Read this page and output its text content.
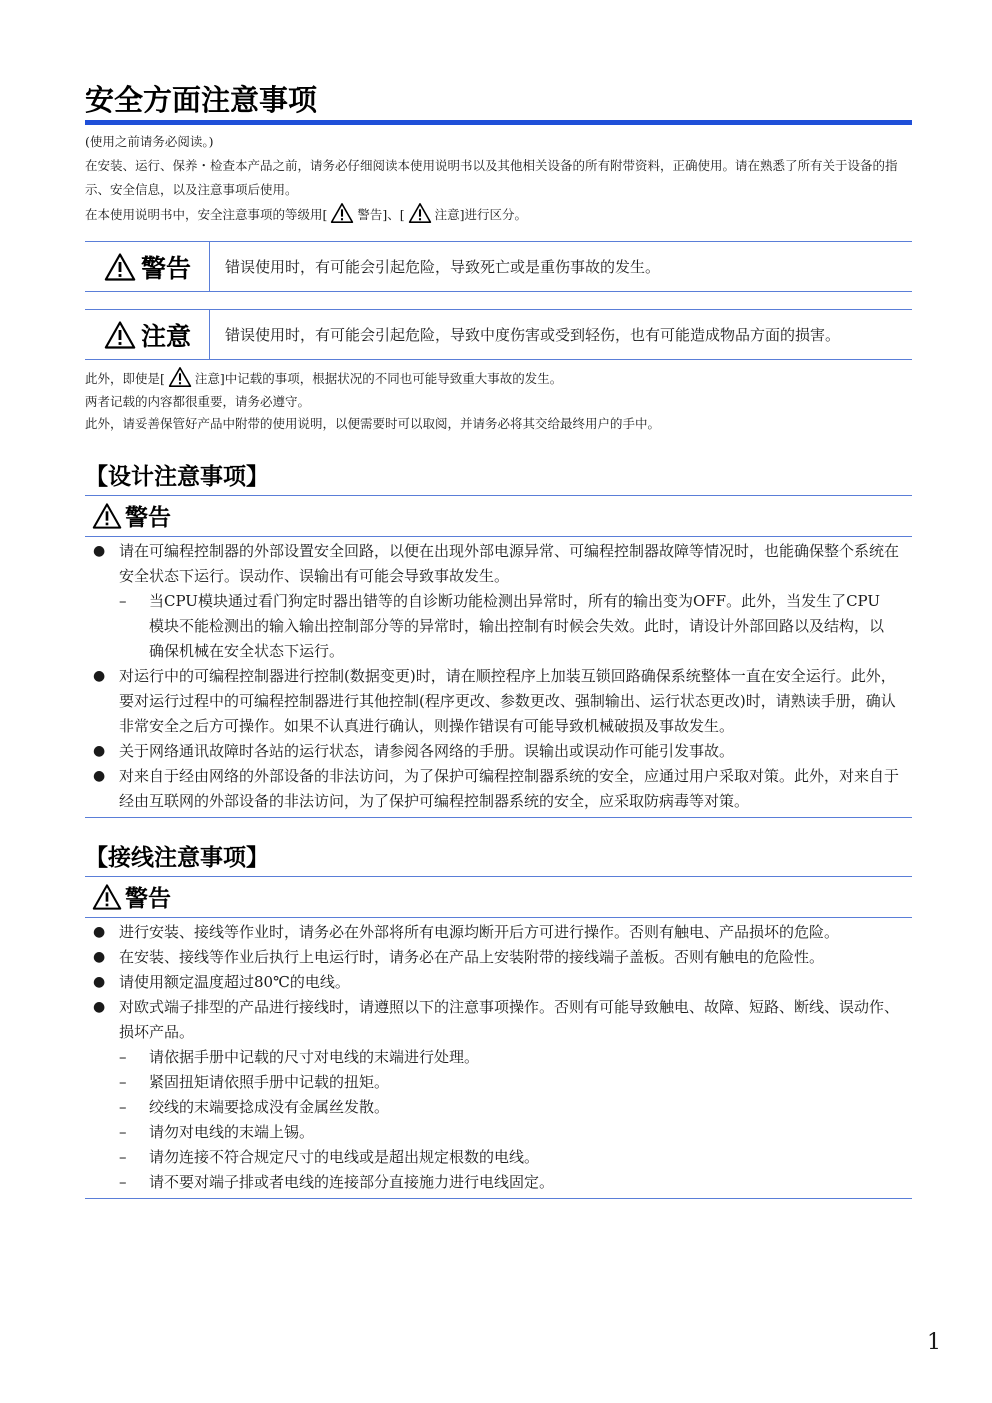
安全方面注意事项

(使用之前请务必阅读。)

在安装、运行、保养・检查本产品之前，请务必仔细阅读本使用说明书以及其他相关设备的所有附带资料，正确使用。请在熟悉了所有关于设备的指示、安全信息，以及注意事项后使用。

在本使用说明书中，安全注意事项的等级用[ 警告]、[ 注意]进行区分。

警告	错误使用时，有可能会引起危险，导致死亡或是重伤事故的发生。
注意	错误使用时，有可能会引起危险，导致中度伤害或受到轻伤，也有可能造成物品方面的损害。

此外，即使是[ 注意]中记载的事项，根据状况的不同也可能导致重大事故的发生。

两者记载的内容都很重要，请务必遵守。

此外，请妥善保管好产品中附带的使用说明，以便需要时可以取阅，并请务必将其交给最终用户的手中。

【设计注意事项】
警告
● 请在可编程控制器的外部设置安全回路，以便在出现外部电源异常、可编程控制器故障等情况时，也能确保整个系统在安全状态下运行。误动作、误输出有可能会导致事故发生。
– 当CPU模块通过看门狗定时器出错等的自诊断功能检测出异常时，所有的输出变为OFF。此外，当发生了CPU模块不能检测出的输入输出控制部分等的异常时，输出控制有时候会失效。此时，请设计外部回路以及结构，以确保机械在安全状态下运行。
● 对运行中的可编程控制器进行控制(数据变更)时，请在顺控程序上加装互锁回路确保系统整体一直在安全运行。此外，要对运行过程中的可编程控制器进行其他控制(程序更改、参数更改、强制输出、运行状态更改)时，请熟读手册，确认非常安全之后方可操作。如果不认真进行确认，则操作错误有可能导致机械破损及事故发生。
● 关于网络通讯故障时各站的运行状态，请参阅各网络的手册。误输出或误动作可能引发事故。
● 对来自于经由网络的外部设备的非法访问，为了保护可编程控制器系统的安全，应通过用户采取对策。此外，对来自于经由互联网的外部设备的非法访问，为了保护可编程控制器系统的安全，应采取防病毒等对策。
【接线注意事项】
警告
● 进行安装、接线等作业时，请务必在外部将所有电源均断开后方可进行操作。否则有触电、产品损坏的危险。
● 在安装、接线等作业后执行上电运行时，请务必在产品上安装附带的接线端子盖板。否则有触电的危险性。
● 请使用额定温度超过80℃的电线。
● 对欧式端子排型的产品进行接线时，请遵照以下的注意事项操作。否则有可能导致触电、故障、短路、断线、误动作、损坏产品。
– 请依据手册中记载的尺寸对电线的末端进行处理。
– 紧固扭矩请依照手册中记载的扭矩。
– 绞线的末端要捻成没有金属丝发散。
– 请勿对电线的末端上锡。
– 请勿连接不符合规定尺寸的电线或是超出规定根数的电线。
– 请不要对端子排或者电线的连接部分直接施力进行电线固定。
1
